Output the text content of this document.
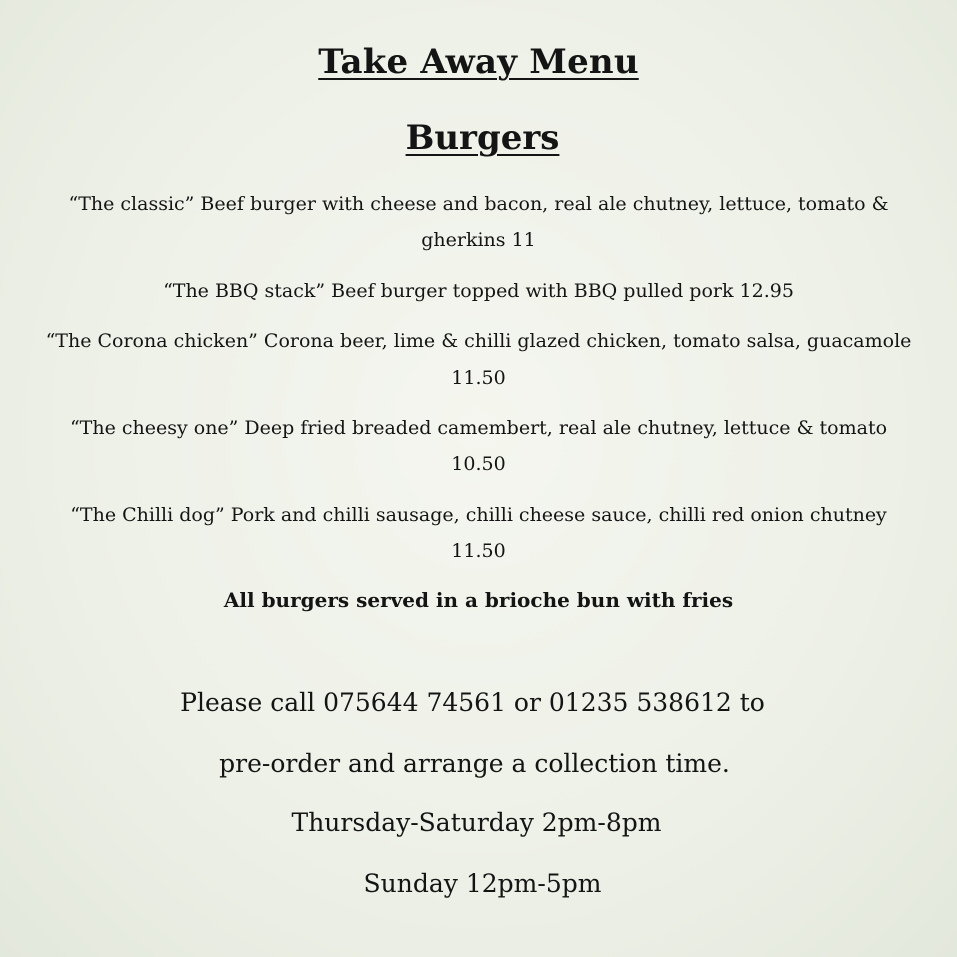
Take Away Menu
Burgers
“The classic” Beef burger with cheese and bacon, real ale chutney, lettuce, tomato &
gherkins 11
“The BBQ stack” Beef burger topped with BBQ pulled pork 12.95
“The Corona chicken” Corona beer, lime & chilli glazed chicken, tomato salsa, guacamole
11.50
“The cheesy one” Deep fried breaded camembert, real ale chutney, lettuce & tomato
10.50
“The Chilli dog” Pork and chilli sausage, chilli cheese sauce, chilli red onion chutney
11.50
All burgers served in a brioche bun with fries
Please call 075644 74561 or 01235 538612 to
pre-order and arrange a collection time.
Thursday-Saturday 2pm-8pm
Sunday 12pm-5pm
